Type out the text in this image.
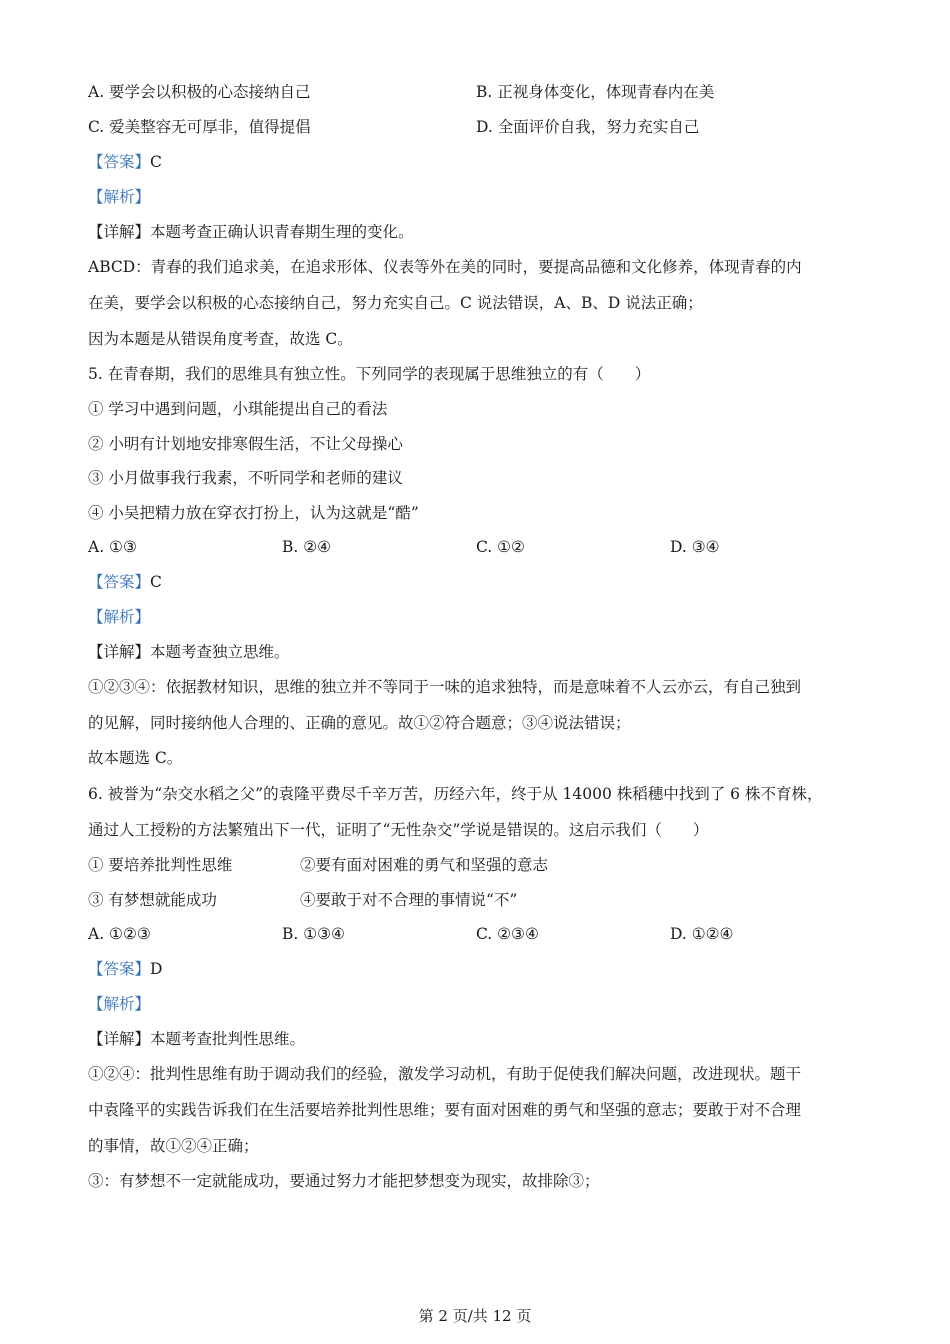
A. 要学会以积极的心态接纳自己	B. 正视身体变化，体现青春内在美
C. 爱美整容无可厚非，值得提倡	D. 全面评价自我，努力充实自己
【答案】C
【解析】
【详解】本题考查正确认识青春期生理的变化。
ABCD：青春的我们追求美，在追求形体、仪表等外在美的同时，要提高品德和文化修养，体现青春的内
在美，要学会以积极的心态接纳自己，努力充实自己。C 说法错误，A、B、D 说法正确；
因为本题是从错误角度考查，故选 C。
5. 在青春期，我们的思维具有独立性。下列同学的表现属于思维独立的有（　　）
① 学习中遇到问题，小琪能提出自己的看法
② 小明有计划地安排寒假生活，不让父母操心
③ 小月做事我行我素，不听同学和老师的建议
④ 小吴把精力放在穿衣打扮上，认为这就是“酷”
A. ①③	B. ②④	C. ①②	D. ③④
【答案】C
【解析】
【详解】本题考查独立思维。
①②③④：依据教材知识，思维的独立并不等同于一味的追求独特，而是意味着不人云亦云，有自己独到
的见解，同时接纳他人合理的、正确的意见。故①②符合题意；③④说法错误；
故本题选 C。
6. 被誉为“杂交水稻之父”的袁隆平费尽千辛万苦，历经六年，终于从 14000 株稻穗中找到了 6 株不育株，
通过人工授粉的方法繁殖出下一代，证明了“无性杂交”学说是错误的。这启示我们（　　）
① 要培养批判性思维	②要有面对困难的勇气和坚强的意志
③ 有梦想就能成功	④要敢于对不合理的事情说“不”
A. ①②③	B. ①③④	C. ②③④	D. ①②④
【答案】D
【解析】
【详解】本题考查批判性思维。
①②④：批判性思维有助于调动我们的经验，激发学习动机，有助于促使我们解决问题，改进现状。题干
中袁隆平的实践告诉我们在生活要培养批判性思维；要有面对困难的勇气和坚强的意志；要敢于对不合理
的事情，故①②④正确；
③：有梦想不一定就能成功，要通过努力才能把梦想变为现实，故排除③；
第 2 页/共 12 页
